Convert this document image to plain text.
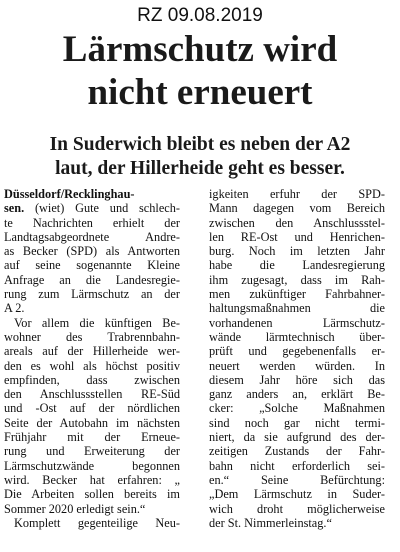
RZ 09.08.2019
Lärmschutz wird
nicht erneuert
In Suderwich bleibt es neben der A2
laut, der Hillerheide geht es besser.
Düsseldorf/Recklinghau-
sen. (wiet) Gute und schlech-
te Nachrichten erhielt der
Landtagsabgeordnete Andre-
as Becker (SPD) als Antworten
auf seine sogenannte Kleine
Anfrage an die Landesregie-
rung zum Lärmschutz an der
A 2.
Vor allem die künftigen Be-
wohner des Trabrennbahn-
areals auf der Hillerheide wer-
den es wohl als höchst positiv
empfinden, dass zwischen
den Anschlussstellen RE-Süd
und -Ost auf der nördlichen
Seite der Autobahn im nächsten
Frühjahr mit der Erneue-
rung und Erweiterung der
Lärmschutzwände begonnen
wird. Becker hat erfahren: „
Die Arbeiten sollen bereits im
Sommer 2020 erledigt sein.“
Komplett gegenteilige Neu-
igkeiten erfuhr der SPD-
Mann dagegen vom Bereich
zwischen den Anschlussstel-
len RE-Ost und Henrichen-
burg. Noch im letzten Jahr
habe die Landesregierung
ihm zugesagt, dass im Rah-
men zukünftiger Fahrbahner-
haltungsmaßnahmen die
vorhandenen Lärmschutz-
wände lärmtechnisch über-
prüft und gegebenenfalls er-
neuert werden würden. In
diesem Jahr höre sich das
ganz anders an, erklärt Be-
cker: „Solche Maßnahmen
sind noch gar nicht termi-
niert, da sie aufgrund des der-
zeitigen Zustands der Fahr-
bahn nicht erforderlich sei-
en.“ Seine Befürchtung:
„Dem Lärmschutz in Suder-
wich droht möglicherweise
der St. Nimmerleinstag.“
